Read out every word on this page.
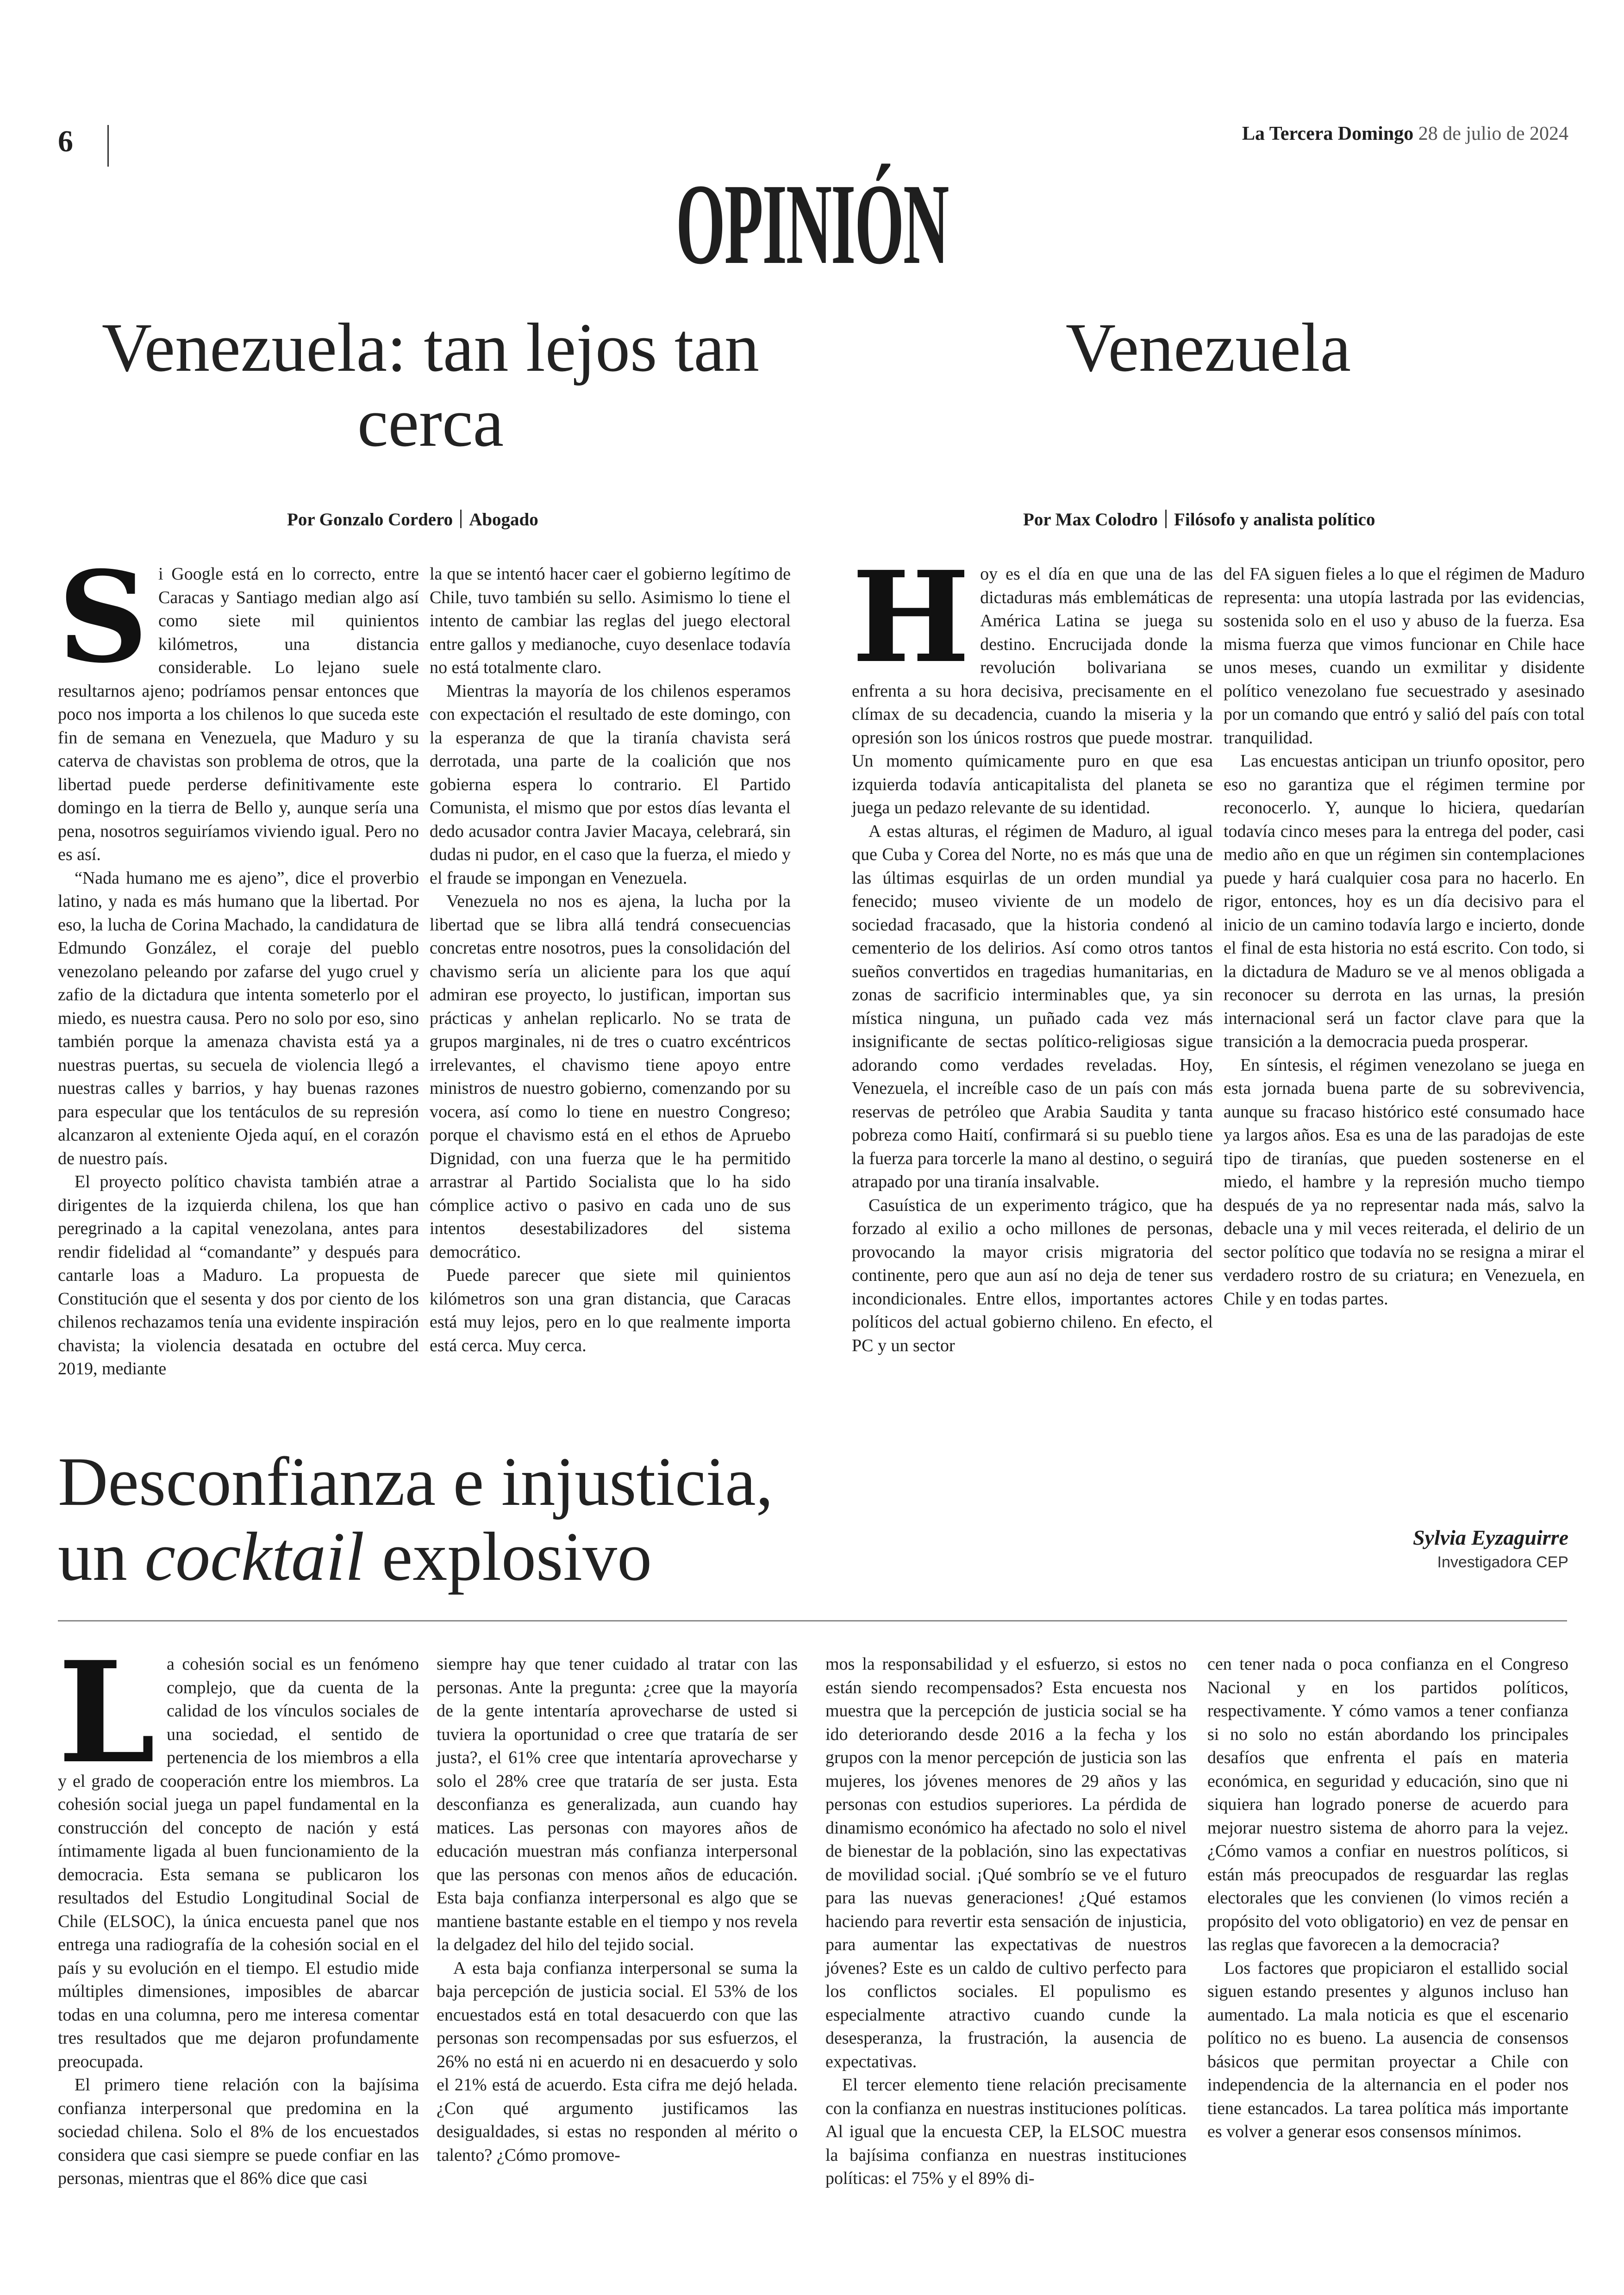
6	La Tercera Domingo 28 de julio de 2024
OPINIÓN
Venezuela: tan lejos tan cerca
Por Gonzalo Cordero Abogado

Si Google está en lo correcto, entre Caracas y Santiago median algo así como siete mil quinientos kilómetros, una distancia considerable. Lo lejano suele resultarnos ajeno; podríamos pensar entonces que poco nos importa a los chilenos lo que suceda este fin de semana en Venezuela, que Maduro y su caterva de chavistas son problema de otros, que la libertad puede perderse definitivamente este domingo en la tierra de Bello y, aunque sería una pena, nosotros seguiríamos viviendo igual. Pero no es así.

“Nada humano me es ajeno”, dice el proverbio latino, y nada es más humano que la libertad. Por eso, la lucha de Corina Machado, la candidatura de Edmundo González, el coraje del pueblo venezolano peleando por zafarse del yugo cruel y zafio de la dictadura que intenta someterlo por el miedo, es nuestra causa. Pero no solo por eso, sino también porque la amenaza chavista está ya a nuestras puertas, su secuela de violencia llegó a nuestras calles y barrios, y hay buenas razones para especular que los tentáculos de su represión alcanzaron al exteniente Ojeda aquí, en el corazón de nuestro país.

El proyecto político chavista también atrae a dirigentes de la izquierda chilena, los que han peregrinado a la capital venezolana, antes para rendir fidelidad al “comandante” y después para cantarle loas a Maduro. La propuesta de Constitución que el sesenta y dos por ciento de los chilenos rechazamos tenía una evidente inspiración chavista; la violencia desatada en octubre del 2019, mediante

la que se intentó hacer caer el gobierno legítimo de Chile, tuvo también su sello. Asimismo lo tiene el intento de cambiar las reglas del juego electoral entre gallos y medianoche, cuyo desenlace todavía no está totalmente claro.

Mientras la mayoría de los chilenos esperamos con expectación el resultado de este domingo, con la esperanza de que la tiranía chavista será derrotada, una parte de la coalición que nos gobierna espera lo contrario. El Partido Comunista, el mismo que por estos días levanta el dedo acusador contra Javier Macaya, celebrará, sin dudas ni pudor, en el caso que la fuerza, el miedo y el fraude se impongan en Venezuela.

Venezuela no nos es ajena, la lucha por la libertad que se libra allá tendrá consecuencias concretas entre nosotros, pues la consolidación del chavismo sería un aliciente para los que aquí admiran ese proyecto, lo justifican, importan sus prácticas y anhelan replicarlo. No se trata de grupos marginales, ni de tres o cuatro excéntricos irrelevantes, el chavismo tiene apoyo entre ministros de nuestro gobierno, comenzando por su vocera, así como lo tiene en nuestro Congreso; porque el chavismo está en el ethos de Apruebo Dignidad, con una fuerza que le ha permitido arrastrar al Partido Socialista que lo ha sido cómplice activo o pasivo en cada uno de sus intentos desestabilizadores del sistema democrático.

Puede parecer que siete mil quinientos kilómetros son una gran distancia, que Caracas está muy lejos, pero en lo que realmente importa está cerca. Muy cerca.

Venezuela
Por Max Colodro Filósofo y analista político

Hoy es el día en que una de las dictaduras más emblemáticas de América Latina se juega su destino. Encrucijada donde la revolución bolivariana se enfrenta a su hora decisiva, precisamente en el clímax de su decadencia, cuando la miseria y la opresión son los únicos rostros que puede mostrar. Un momento químicamente puro en que esa izquierda todavía anticapitalista del planeta se juega un pedazo relevante de su identidad.

A estas alturas, el régimen de Maduro, al igual que Cuba y Corea del Norte, no es más que una de las últimas esquirlas de un orden mundial ya fenecido; museo viviente de un modelo de sociedad fracasado, que la historia condenó al cementerio de los delirios. Así como otros tantos sueños convertidos en tragedias humanitarias, en zonas de sacrificio interminables que, ya sin mística ninguna, un puñado cada vez más insignificante de sectas político-religiosas sigue adorando como verdades reveladas. Hoy, Venezuela, el increíble caso de un país con más reservas de petróleo que Arabia Saudita y tanta pobreza como Haití, confirmará si su pueblo tiene la fuerza para torcerle la mano al destino, o seguirá atrapado por una tiranía insalvable.

Casuística de un experimento trágico, que ha forzado al exilio a ocho millones de personas, provocando la mayor crisis migratoria del continente, pero que aun así no deja de tener sus incondicionales. Entre ellos, importantes actores políticos del actual gobierno chileno. En efecto, el PC y un sector

del FA siguen fieles a lo que el régimen de Maduro representa: una utopía lastrada por las evidencias, sostenida solo en el uso y abuso de la fuerza. Esa misma fuerza que vimos funcionar en Chile hace unos meses, cuando un exmilitar y disidente político venezolano fue secuestrado y asesinado por un comando que entró y salió del país con total tranquilidad.

Las encuestas anticipan un triunfo opositor, pero eso no garantiza que el régimen termine por reconocerlo. Y, aunque lo hiciera, quedarían todavía cinco meses para la entrega del poder, casi medio año en que un régimen sin contemplaciones puede y hará cualquier cosa para no hacerlo. En rigor, entonces, hoy es un día decisivo para el inicio de un camino todavía largo e incierto, donde el final de esta historia no está escrito. Con todo, si la dictadura de Maduro se ve al menos obligada a reconocer su derrota en las urnas, la presión internacional será un factor clave para que la transición a la democracia pueda prosperar.

En síntesis, el régimen venezolano se juega en esta jornada buena parte de su sobrevivencia, aunque su fracaso histórico esté consumado hace ya largos años. Esa es una de las paradojas de este tipo de tiranías, que pueden sostenerse en el miedo, el hambre y la represión mucho tiempo después de ya no representar nada más, salvo la debacle una y mil veces reiterada, el delirio de un sector político que todavía no se resigna a mirar el verdadero rostro de su criatura; en Venezuela, en Chile y en todas partes.

Desconfianza e injusticia,
un cocktail explosivo	Sylvia Eyzaguirre
Investigadora CEP

La cohesión social es un fenómeno complejo, que da cuenta de la calidad de los vínculos sociales de una sociedad, el sentido de pertenencia de los miembros a ella y el grado de cooperación entre los miembros. La cohesión social juega un papel fundamental en la construcción del concepto de nación y está íntimamente ligada al buen funcionamiento de la democracia. Esta semana se publicaron los resultados del Estudio Longitudinal Social de Chile (ELSOC), la única encuesta panel que nos entrega una radiografía de la cohesión social en el país y su evolución en el tiempo. El estudio mide múltiples dimensiones, imposibles de abarcar todas en una columna, pero me interesa comentar tres resultados que me dejaron profundamente preocupada.

El primero tiene relación con la bajísima confianza interpersonal que predomina en la sociedad chilena. Solo el 8% de los encuestados considera que casi siempre se puede confiar en las personas, mientras que el 86% dice que casi

siempre hay que tener cuidado al tratar con las personas. Ante la pregunta: ¿cree que la mayoría de la gente intentaría aprovecharse de usted si tuviera la oportunidad o cree que trataría de ser justa?, el 61% cree que intentaría aprovecharse y solo el 28% cree que trataría de ser justa. Esta desconfianza es generalizada, aun cuando hay matices. Las personas con mayores años de educación muestran más confianza interpersonal que las personas con menos años de educación. Esta baja confianza interpersonal es algo que se mantiene bastante estable en el tiempo y nos revela la delgadez del hilo del tejido social.

A esta baja confianza interpersonal se suma la baja percepción de justicia social. El 53% de los encuestados está en total desacuerdo con que las personas son recompensadas por sus esfuerzos, el 26% no está ni en acuerdo ni en desacuerdo y solo el 21% está de acuerdo. Esta cifra me dejó helada. ¿Con qué argumento justificamos las desigualdades, si estas no responden al mérito o talento? ¿Cómo promove-

mos la responsabilidad y el esfuerzo, si estos no están siendo recompensados? Esta encuesta nos muestra que la percepción de justicia social se ha ido deteriorando desde 2016 a la fecha y los grupos con la menor percepción de justicia son las mujeres, los jóvenes menores de 29 años y las personas con estudios superiores. La pérdida de dinamismo económico ha afectado no solo el nivel de bienestar de la población, sino las expectativas de movilidad social. ¡Qué sombrío se ve el futuro para las nuevas generaciones! ¿Qué estamos haciendo para revertir esta sensación de injusticia, para aumentar las expectativas de nuestros jóvenes? Este es un caldo de cultivo perfecto para los conflictos sociales. El populismo es especialmente atractivo cuando cunde la desesperanza, la frustración, la ausencia de expectativas.

El tercer elemento tiene relación precisamente con la confianza en nuestras instituciones políticas. Al igual que la encuesta CEP, la ELSOC muestra la bajísima confianza en nuestras instituciones políticas: el 75% y el 89% di-

cen tener nada o poca confianza en el Congreso Nacional y en los partidos políticos, respectivamente. Y cómo vamos a tener confianza si no solo no están abordando los principales desafíos que enfrenta el país en materia económica, en seguridad y educación, sino que ni siquiera han logrado ponerse de acuerdo para mejorar nuestro sistema de ahorro para la vejez. ¿Cómo vamos a confiar en nuestros políticos, si están más preocupados de resguardar las reglas electorales que les convienen (lo vimos recién a propósito del voto obligatorio) en vez de pensar en las reglas que favorecen a la democracia?

Los factores que propiciaron el estallido social siguen estando presentes y algunos incluso han aumentado. La mala noticia es que el escenario político no es bueno. La ausencia de consensos básicos que permitan proyectar a Chile con independencia de la alternancia en el poder nos tiene estancados. La tarea política más importante es volver a generar esos consensos mínimos.
